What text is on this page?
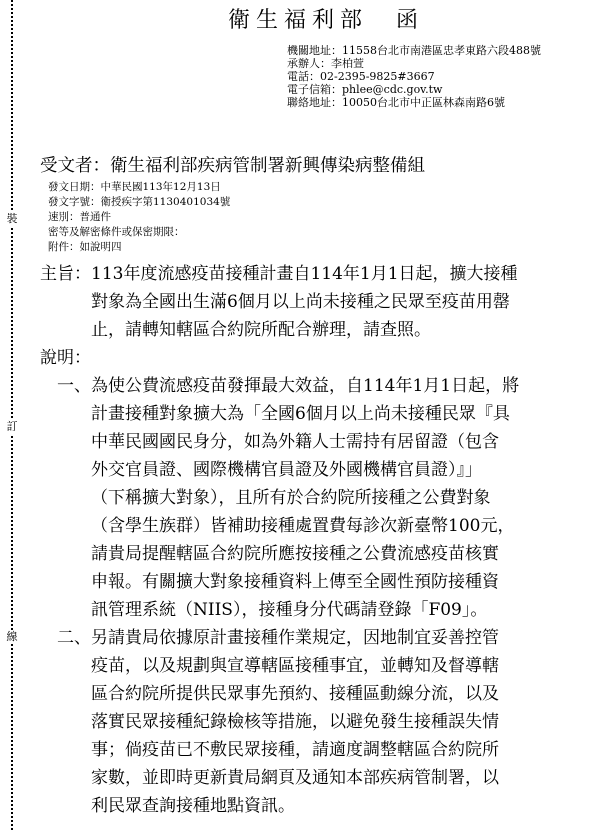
裝
訂
線
衛生福利部　函
機關地址：11558台北市南港區忠孝東路六段488號
承辦人：李柏萱
電話：02-2395-9825#3667
電子信箱：phlee@cdc.gov.tw
聯絡地址：10050台北市中正區林森南路6號
受文者：衛生福利部疾病管制署新興傳染病整備組
發文日期：中華民國113年12月13日
發文字號：衛授疾字第1130401034號
速別：普通件
密等及解密條件或保密期限：
附件：如說明四
主旨：113年度流感疫苗接種計畫自114年1月1日起，擴大接種
對象為全國出生滿6個月以上尚未接種之民眾至疫苗用罄
止，請轉知轄區合約院所配合辦理，請查照。
說明：
一、為使公費流感疫苗發揮最大效益，自114年1月1日起，將
計畫接種對象擴大為「全國6個月以上尚未接種民眾『具
中華民國國民身分，如為外籍人士需持有居留證（包含
外交官員證、國際機構官員證及外國機構官員證）』」
（下稱擴大對象），且所有於合約院所接種之公費對象
（含學生族群）皆補助接種處置費每診次新臺幣100元，
請貴局提醒轄區合約院所應按接種之公費流感疫苗核實
申報。有關擴大對象接種資料上傳至全國性預防接種資
訊管理系統（NIIS），接種身分代碼請登錄「F09」。
二、另請貴局依據原計畫接種作業規定，因地制宜妥善控管
疫苗，以及規劃與宣導轄區接種事宜，並轉知及督導轄
區合約院所提供民眾事先預約、接種區動線分流，以及
落實民眾接種紀錄檢核等措施，以避免發生接種誤失情
事；倘疫苗已不敷民眾接種，請適度調整轄區合約院所
家數，並即時更新貴局網頁及通知本部疾病管制署，以
利民眾查詢接種地點資訊。
